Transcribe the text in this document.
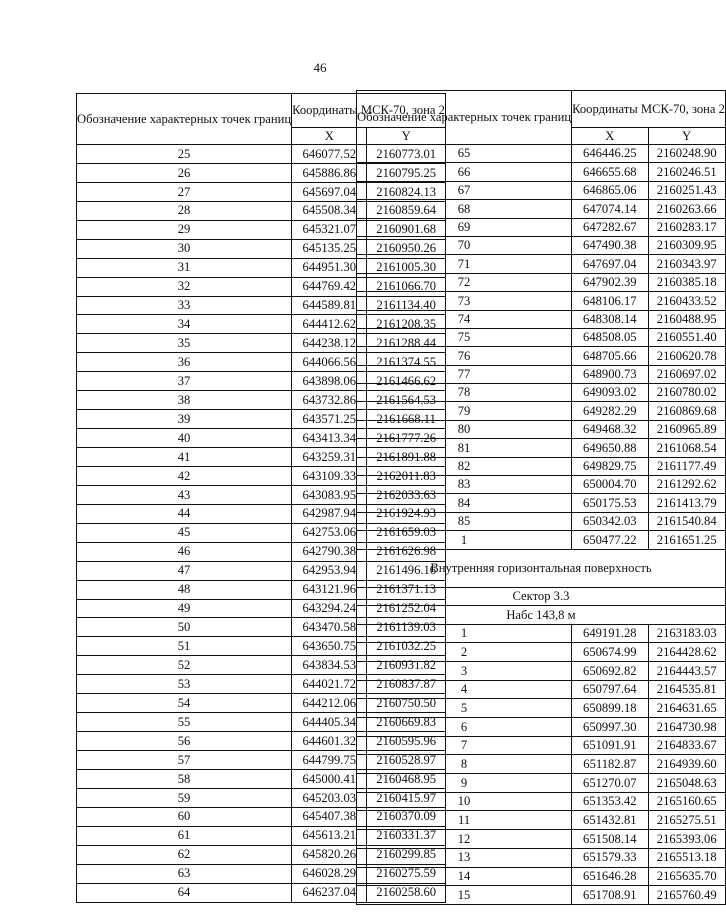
46
Обозначение характерных точек границ	Координаты МСК-70, зона 2	
	X	Y
25	646077.52	2160773.01
26	645886.86	2160795.25
27	645697.04	2160824.13
28	645508.34	2160859.64
29	645321.07	2160901.68
30	645135.25	2160950.26
31	644951.30	2161005.30
32	644769.42	2161066.70
33	644589.81	2161134.40
34	644412.62	2161208.35
35	644238.12	2161288.44
36	644066.56	2161374.55
37	643898.06	2161466.62
38	643732.86	2161564.53
39	643571.25	2161668.11
40	643413.34	2161777.26
41	643259.31	2161891.88
42	643109.33	2162011.83
43	643083.95	2162033.63
44	642987.94	2161924.93
45	642753.06	2161659.03
46	642790.38	2161626.98
47	642953.94	2161496.16
48	643121.96	2161371.13
49	643294.24	2161252.04
50	643470.58	2161139.03
51	643650.75	2161032.25
52	643834.53	2160931.82
53	644021.72	2160837.87
54	644212.06	2160750.50
55	644405.34	2160669.83
56	644601.32	2160595.96
57	644799.75	2160528.97
58	645000.41	2160468.95
59	645203.03	2160415.97
60	645407.38	2160370.09
61	645613.21	2160331.37
62	645820.26	2160299.85
63	646028.29	2160275.59
64	646237.04	2160258.60
Обозначение характерных точек границ	Координаты МСК-70, зона 2	
	X	Y
65	646446.25	2160248.90
66	646655.68	2160246.51
67	646865.06	2160251.43
68	647074.14	2160263.66
69	647282.67	2160283.17
70	647490.38	2160309.95
71	647697.04	2160343.97
72	647902.39	2160385.18
73	648106.17	2160433.52
74	648308.14	2160488.95
75	648508.05	2160551.40
76	648705.66	2160620.78
77	648900.73	2160697.02
78	649093.02	2160780.02
79	649282.29	2160869.68
80	649468.32	2160965.89
81	649650.88	2161068.54
82	649829.75	2161177.49
83	650004.70	2161292.62
84	650175.53	2161413.79
85	650342.03	2161540.84
1	650477.22	2161651.25
Внутренняя горизонтальная поверхность		
Сектор 3.3		
Набс 143,8 м		
1	649191.28	2163183.03
2	650674.99	2164428.62
3	650692.82	2164443.57
4	650797.64	2164535.81
5	650899.18	2164631.65
6	650997.30	2164730.98
7	651091.91	2164833.67
8	651182.87	2164939.60
9	651270.07	2165048.63
10	651353.42	2165160.65
11	651432.81	2165275.51
12	651508.14	2165393.06
13	651579.33	2165513.18
14	651646.28	2165635.70
15	651708.91	2165760.49
